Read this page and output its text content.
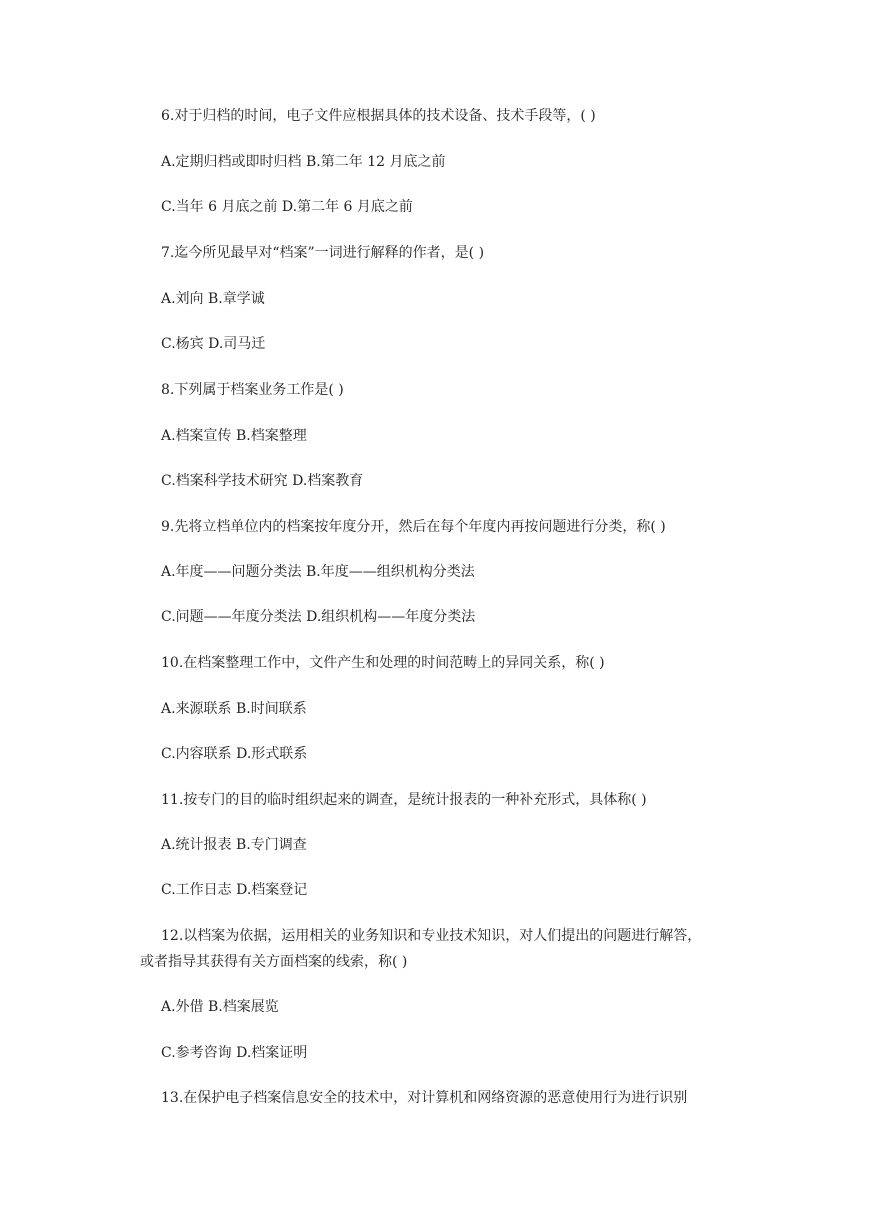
6.对于归档的时间，电子文件应根据具体的技术设备、技术手段等，( )
A.定期归档或即时归档 B.第二年 12 月底之前
C.当年 6 月底之前 D.第二年 6 月底之前
7.迄今所见最早对“档案”一词进行解释的作者，是( )
A.刘向 B.章学诚
C.杨宾 D.司马迁
8.下列属于档案业务工作是( )
A.档案宣传 B.档案整理
C.档案科学技术研究 D.档案教育
9.先将立档单位内的档案按年度分开，然后在每个年度内再按问题进行分类，称( )
A.年度——问题分类法 B.年度——组织机构分类法
C.问题——年度分类法 D.组织机构——年度分类法
10.在档案整理工作中，文件产生和处理的时间范畴上的异同关系，称( )
A.来源联系 B.时间联系
C.内容联系 D.形式联系
11.按专门的目的临时组织起来的调查，是统计报表的一种补充形式，具体称( )
A.统计报表 B.专门调查
C.工作日志 D.档案登记
12.以档案为依据，运用相关的业务知识和专业技术知识，对人们提出的问题进行解答，
或者指导其获得有关方面档案的线索，称( )
A.外借 B.档案展览
C.参考咨询 D.档案证明
13.在保护电子档案信息安全的技术中，对计算机和网络资源的恶意使用行为进行识别
